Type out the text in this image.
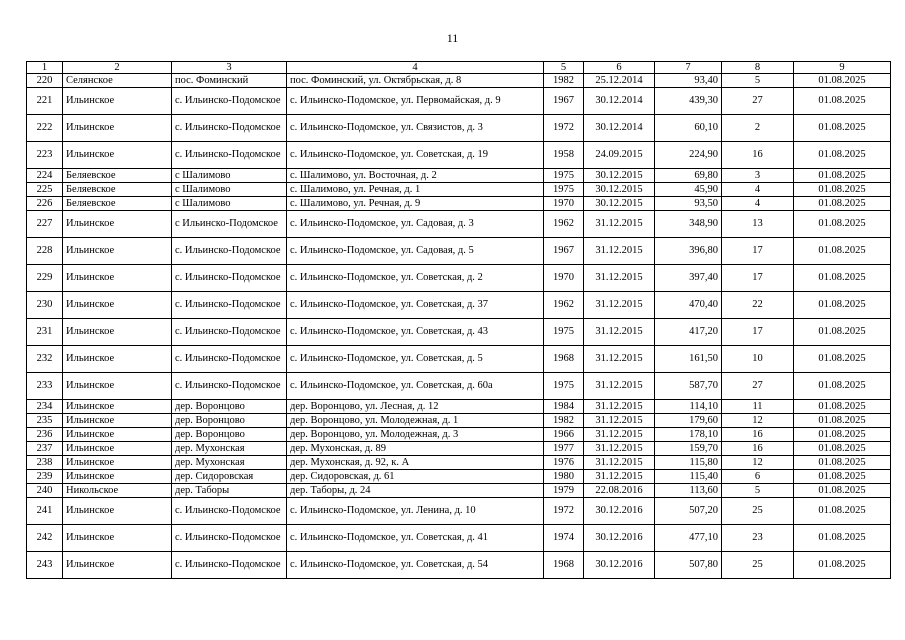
11
1	2	3	4	5	6	7	8	9
220	Селянское	пос. Фоминский	пос. Фоминский, ул. Октябрьская, д. 8	1982	25.12.2014	93,40	5	01.08.2025
221	Ильинское	с. Ильинско-Подомское	с. Ильинско-Подомское, ул. Первомайская, д. 9	1967	30.12.2014	439,30	27	01.08.2025
222	Ильинское	с. Ильинско-Подомское	с. Ильинско-Подомское, ул. Связистов, д. 3	1972	30.12.2014	60,10	2	01.08.2025
223	Ильинское	с. Ильинско-Подомское	с. Ильинско-Подомское, ул. Советская, д. 19	1958	24.09.2015	224,90	16	01.08.2025
224	Беляевское	с Шалимово	с. Шалимово, ул. Восточная, д. 2	1975	30.12.2015	69,80	3	01.08.2025
225	Беляевское	с Шалимово	с. Шалимово, ул. Речная, д. 1	1975	30.12.2015	45,90	4	01.08.2025
226	Беляевское	с Шалимово	с. Шалимово, ул. Речная, д. 9	1970	30.12.2015	93,50	4	01.08.2025
227	Ильинское	с Ильинско-Подомское	с. Ильинско-Подомское, ул. Садовая, д. 3	1962	31.12.2015	348,90	13	01.08.2025
228	Ильинское	с. Ильинско-Подомское	с. Ильинско-Подомское, ул. Садовая, д. 5	1967	31.12.2015	396,80	17	01.08.2025
229	Ильинское	с. Ильинско-Подомское	с. Ильинско-Подомское, ул. Советская, д. 2	1970	31.12.2015	397,40	17	01.08.2025
230	Ильинское	с. Ильинско-Подомское	с. Ильинско-Подомское, ул. Советская, д. 37	1962	31.12.2015	470,40	22	01.08.2025
231	Ильинское	с. Ильинско-Подомское	с. Ильинско-Подомское, ул. Советская, д. 43	1975	31.12.2015	417,20	17	01.08.2025
232	Ильинское	с. Ильинско-Подомское	с. Ильинско-Подомское, ул. Советская, д. 5	1968	31.12.2015	161,50	10	01.08.2025
233	Ильинское	с. Ильинско-Подомское	с. Ильинско-Подомское, ул. Советская, д. 60а	1975	31.12.2015	587,70	27	01.08.2025
234	Ильинское	дер. Воронцово	дер. Воронцово, ул. Лесная, д. 12	1984	31.12.2015	114,10	11	01.08.2025
235	Ильинское	дер. Воронцово	дер. Воронцово, ул. Молодежная, д. 1	1982	31.12.2015	179,60	12	01.08.2025
236	Ильинское	дер. Воронцово	дер. Воронцово, ул. Молодежная, д. 3	1966	31.12.2015	178,10	16	01.08.2025
237	Ильинское	дер. Мухонская	дер. Мухонская, д. 89	1977	31.12.2015	159,70	16	01.08.2025
238	Ильинское	дер. Мухонская	дер. Мухонская, д. 92, к. А	1976	31.12.2015	115,80	12	01.08.2025
239	Ильинское	дер. Сидоровская	дер. Сидоровская, д. 61	1980	31.12.2015	115,40	6	01.08.2025
240	Никольское	дер. Таборы	дер. Таборы, д. 24	1979	22.08.2016	113,60	5	01.08.2025
241	Ильинское	с. Ильинско-Подомское	с. Ильинско-Подомское, ул. Ленина, д. 10	1972	30.12.2016	507,20	25	01.08.2025
242	Ильинское	с. Ильинско-Подомское	с. Ильинско-Подомское, ул. Советская, д. 41	1974	30.12.2016	477,10	23	01.08.2025
243	Ильинское	с. Ильинско-Подомское	с. Ильинско-Подомское, ул. Советская, д. 54	1968	30.12.2016	507,80	25	01.08.2025
